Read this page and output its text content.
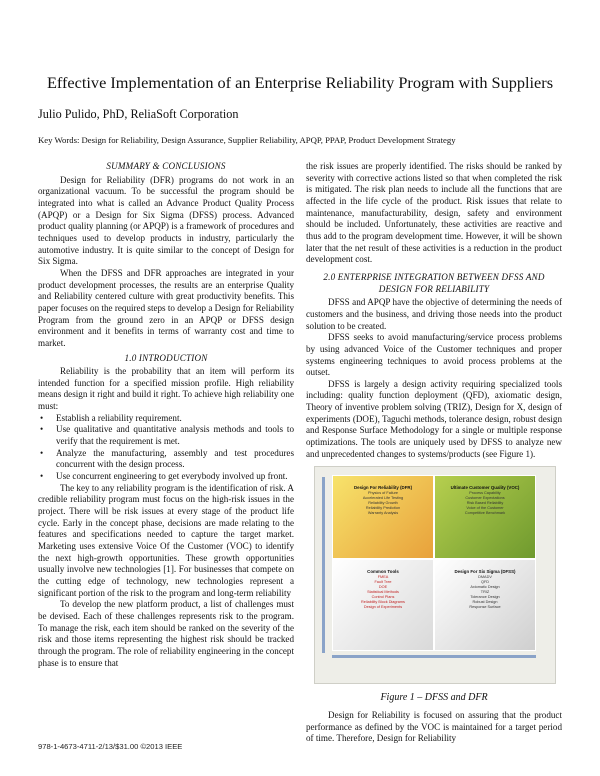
Effective Implementation of an Enterprise Reliability Program with Suppliers

Julio Pulido, PhD, ReliaSoft Corporation

Key Words: Design for Reliability, Design Assurance, Supplier Reliability, APQP, PPAP, Product Development Strategy

SUMMARY & CONCLUSIONS

Design for Reliability (DFR) programs do not work in an organizational vacuum. To be successful the program should be integrated into what is called an Advance Product Quality Process (APQP) or a Design for Six Sigma (DFSS) process. Advanced product quality planning (or APQP) is a framework of procedures and techniques used to develop products in industry, particularly the automotive industry. It is quite similar to the concept of Design for Six Sigma.

When the DFSS and DFR approaches are integrated in your product development processes, the results are an enterprise Quality and Reliability centered culture with great productivity benefits. This paper focuses on the required steps to develop a Design for Reliability Program from the ground zero in an APQP or DFSS design environment and it benefits in terms of warranty cost and time to market.

1.0 INTRODUCTION

Reliability is the probability that an item will perform its intended function for a specified mission profile. High reliability means design it right and build it right. To achieve high reliability one must:

• Establish a reliability requirement.
• Use qualitative and quantitative analysis methods and tools to verify that the requirement is met.
• Analyze the manufacturing, assembly and test procedures concurrent with the design process.
• Use concurrent engineering to get everybody involved up front.

The key to any reliability program is the identification of risk. A credible reliability program must focus on the high-risk issues in the project. There will be risk issues at every stage of the product life cycle. Early in the concept phase, decisions are made relating to the features and specifications needed to capture the target market. Marketing uses extensive Voice Of the Customer (VOC) to identify the next high-growth opportunities. These growth opportunities usually involve new technologies [1]. For businesses that compete on the cutting edge of technology, new technologies represent a significant portion of the risk to the program and long-term reliability

To develop the new platform product, a list of challenges must be devised. Each of these challenges represents risk to the program. To manage the risk, each item should be ranked on the severity of the risk and those items representing the highest risk should be tracked through the program. The role of reliability engineering in the concept phase is to ensure that

the risk issues are properly identified. The risks should be ranked by severity with corrective actions listed so that when completed the risk is mitigated. The risk plan needs to include all the functions that are affected in the life cycle of the product. Risk issues that relate to maintenance, manufacturability, design, safety and environment should be included. Unfortunately, these activities are reactive and thus add to the program development time. However, it will be shown later that the net result of these activities is a reduction in the product development cost.

2.0 ENTERPRISE INTEGRATION BETWEEN DFSS AND DESIGN FOR RELIABILITY

DFSS and APQP have the objective of determining the needs of customers and the business, and driving those needs into the product solution to be created.

DFSS seeks to avoid manufacturing/service process problems by using advanced Voice of the Customer techniques and proper systems engineering techniques to avoid process problems at the outset.

DFSS is largely a design activity requiring specialized tools including: quality function deployment (QFD), axiomatic design, Theory of inventive problem solving (TRIZ), Design for X, design of experiments (DOE), Taguchi methods, tolerance design, robust design and Response Surface Methodology for a single or multiple response optimizations. The tools are uniquely used by DFSS to analyze new and unprecedented changes to systems/products (see Figure 1).

Design For Reliability (DFR)
Physics of Failure
Accelerated Life Testing
Reliability Growth
Reliability Prediction
Warranty Analysis
Ultimate Customer Quality (VOC)
Process Capability
Customer Expectations
Risk Based Reliability
Voice of the Customer
Competitive Benchmark
Common Tools
FMEA
Fault Tree
DOE
Statistical Methods
Control Plans
Reliability Block Diagrams
Design of Experiments
Design For Six Sigma (DFSS)
DMADV
QFD
Axiomatic Design
TRIZ
Tolerance Design
Robust Design
Response Surface

Figure 1 – DFSS and DFR

Design for Reliability is focused on assuring that the product performance as defined by the VOC is maintained for a target period of time. Therefore, Design for Reliability

978-1-4673-4711-2/13/$31.00 ©2013 IEEE
